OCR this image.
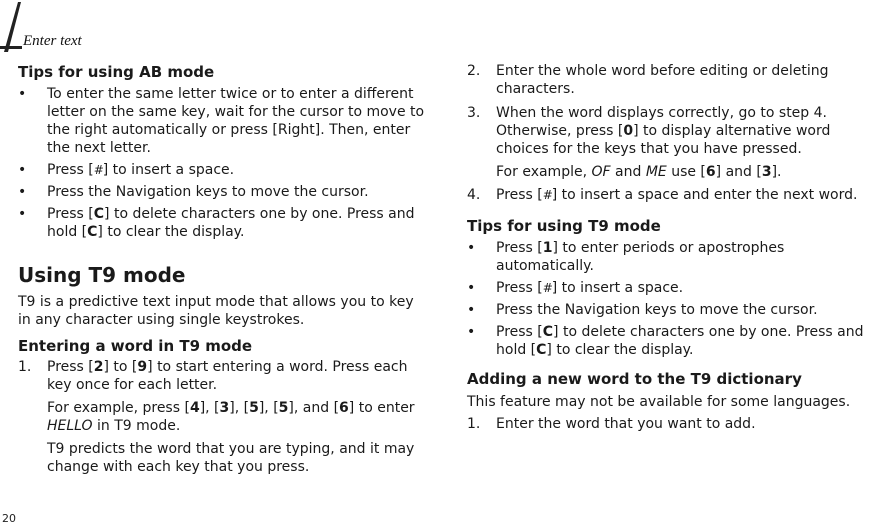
Enter text
Tips for using AB mode
•	To enter the same letter twice or to enter a different letter on the same key, wait for the cursor to move to the right automatically or press [Right]. Then, enter the next letter.
•	Press [#] to insert a space.
•	Press the Navigation keys to move the cursor.
•	Press [C] to delete characters one by one. Press and hold [C] to clear the display.
Using T9 mode

T9 is a predictive text input mode that allows you to key in any character using single keystrokes.

Entering a word in T9 mode
1. Press [2] to [9] to start entering a word. Press each key once for each letter.

For example, press [4], [3], [5], [5], and [6] to enter HELLO in T9 mode.

T9 predicts the word that you are typing, and it may change with each key that you press.

2. Enter the whole word before editing or deleting characters.
3. When the word displays correctly, go to step 4. Otherwise, press [0] to display alternative word choices for the keys that you have pressed.

For example, OF and ME use [6] and [3].

4. Press [#] to insert a space and enter the next word.
Tips for using T9 mode
•	Press [1] to enter periods or apostrophes automatically.
•	Press [#] to insert a space.
•	Press the Navigation keys to move the cursor.
•	Press [C] to delete characters one by one. Press and hold [C] to clear the display.
Adding a new word to the T9 dictionary

This feature may not be available for some languages.

1. Enter the word that you want to add.
20
